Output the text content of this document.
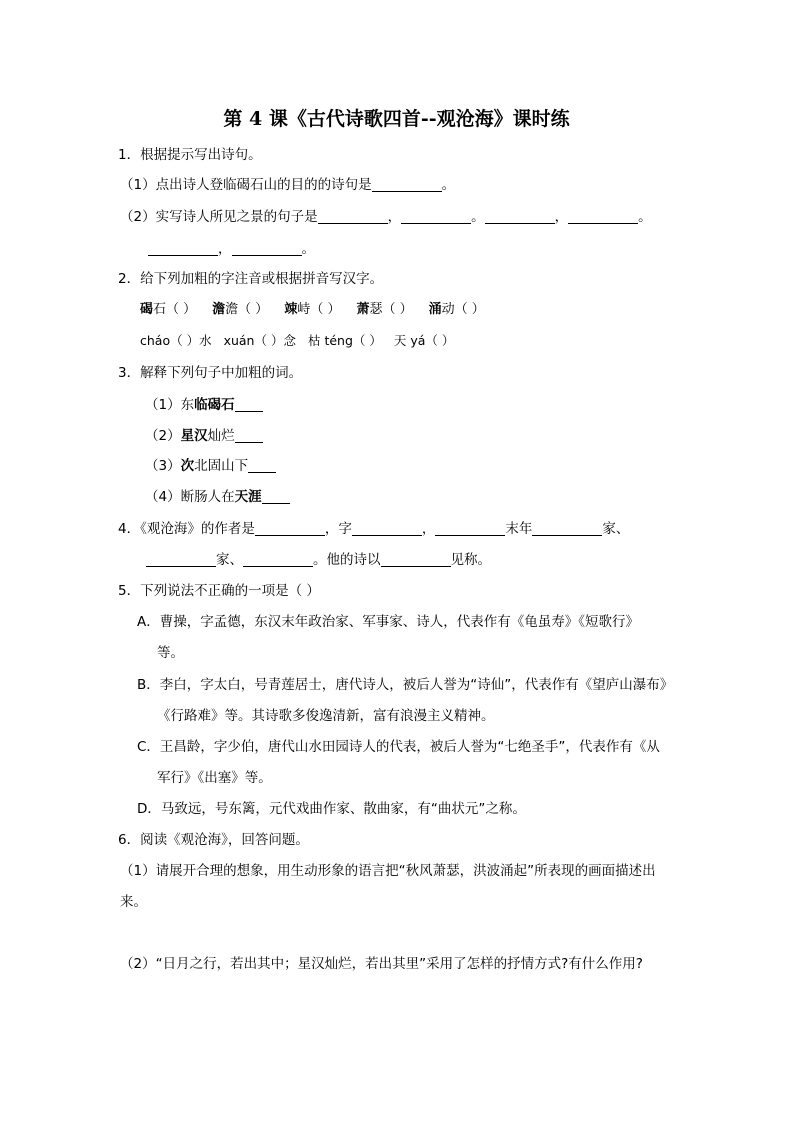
第 4 课《古代诗歌四首--观沧海》课时练
1．根据提示写出诗句。
（1）点出诗人登临碣石山的目的的诗句是	。
（2）实写诗人所见之景的句子是	，	。	，	。
，	。
2．给下列加粗的字注音或根据拼音写汉字。
碣石（ ） 澹澹（ ） 竦峙（ ） 萧瑟（ ） 涌动（ ）
cháo（ ）水 xuán（ ）念 枯 téng（ ） 天 yá（ ）
3．解释下列句子中加粗的词。
（1）东临碣石
（2）星汉灿烂
（3）次北固山下
（4）断肠人在天涯
4．《观沧海》的作者是	，字	，	末年	家、
家、	。他的诗以	见称。
5．下列说法不正确的一项是（ ）
A．曹操，字孟德，东汉末年政治家、军事家、诗人，代表作有《龟虽寿》《短歌行》
等。
B．李白，字太白，号青莲居士，唐代诗人，被后人誉为“诗仙”，代表作有《望庐山瀑布》
《行路难》等。其诗歌多俊逸清新，富有浪漫主义精神。
C．王昌龄，字少伯，唐代山水田园诗人的代表，被后人誉为“七绝圣手”，代表作有《从
军行》《出塞》等。
D．马致远，号东篱，元代戏曲作家、散曲家，有“曲状元”之称。
6．阅读《观沧海》，回答问题。
（1）请展开合理的想象，用生动形象的语言把“秋风萧瑟，洪波涌起”所表现的画面描述出
来。
（2）“日月之行，若出其中；星汉灿烂，若出其里”采用了怎样的抒情方式?有什么作用?
